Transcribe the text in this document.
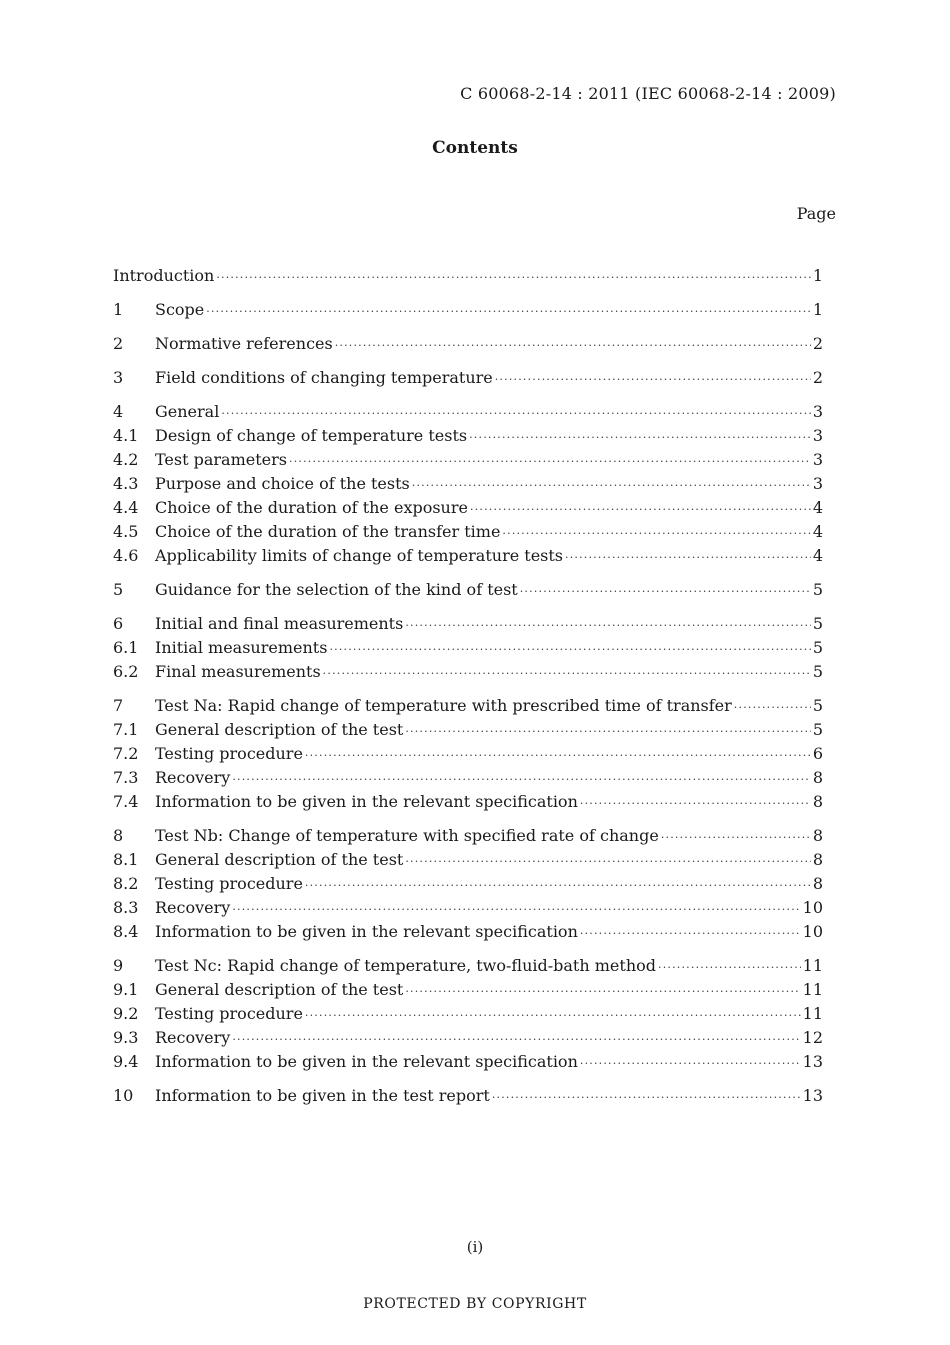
C 60068-2-14 : 2011 (IEC 60068-2-14 : 2009)
Contents
Page
Introduction ·····	1
1	Scope ·····	1
2	Normative references ·····	2
3	Field conditions of changing temperature ·····	2
4	General ·····	3
4.1	Design of change of temperature tests ·····	3
4.2	Test parameters ·····	3
4.3	Purpose and choice of the tests ·····	3
4.4	Choice of the duration of the exposure ·····	4
4.5	Choice of the duration of the transfer time ·····	4
4.6	Applicability limits of change of temperature tests ·····	4
5	Guidance for the selection of the kind of test ·····	5
6	Initial and final measurements ·····	5
6.1	Initial measurements ·····	5
6.2	Final measurements ·····	5
7	Test Na: Rapid change of temperature with prescribed time of transfer ·····	5
7.1	General description of the test ·····	5
7.2	Testing procedure ·····	6
7.3	Recovery ·····	8
7.4	Information to be given in the relevant specification ·····	8
8	Test Nb: Change of temperature with specified rate of change ·····	8
8.1	General description of the test ·····	8
8.2	Testing procedure ·····	8
8.3	Recovery ·····	10
8.4	Information to be given in the relevant specification ·····	10
9	Test Nc: Rapid change of temperature, two-fluid-bath method ·····	11
9.1	General description of the test ·····	11
9.2	Testing procedure ·····	11
9.3	Recovery ·····	12
9.4	Information to be given in the relevant specification ·····	13
10	Information to be given in the test report ·····	13
(i)
PROTECTED BY COPYRIGHT
